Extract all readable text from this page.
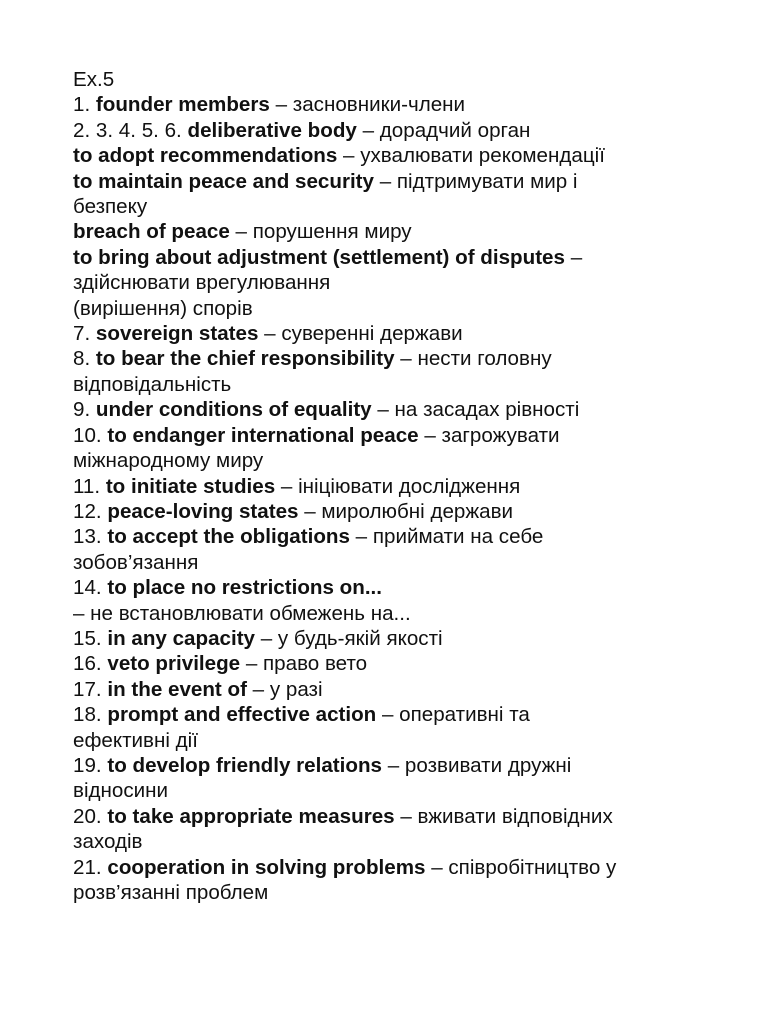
Ex.5
1. founder members – засновники-члени
2. 3. 4. 5. 6. deliberative body – дорадчий орган
to adopt recommendations – ухвалювати рекомендації
to maintain peace and security – підтримувати мир і
безпеку
breach of peace – порушення миру
to bring about adjustment (settlement) of disputes –
здійснювати врегулювання
(вирішення) спорів
7. sovereign states – суверенні держави
8. to bear the chief responsibility – нести головну
відповідальність
9. under conditions of equality – на засадах рівності
10. to endanger international peace – загрожувати
міжнародному миру
11. to initiate studies – ініціювати дослідження
12. peace-loving states – миролюбні держави
13. to accept the obligations – приймати на себе
зобов’язання
14. to place no restrictions on...
– не встановлювати обмежень на...
15. in any capacity – у будь-якій якості
16. veto privilege – право вето
17. in the event of – у разі
18. prompt and effective action – оперативні та
ефективні дії
19. to develop friendly relations – розвивати дружні
відносини
20. to take appropriate measures – вживати відповідних
заходів
21. cooperation in solving problems – співробітництво у
розв’язанні проблем
